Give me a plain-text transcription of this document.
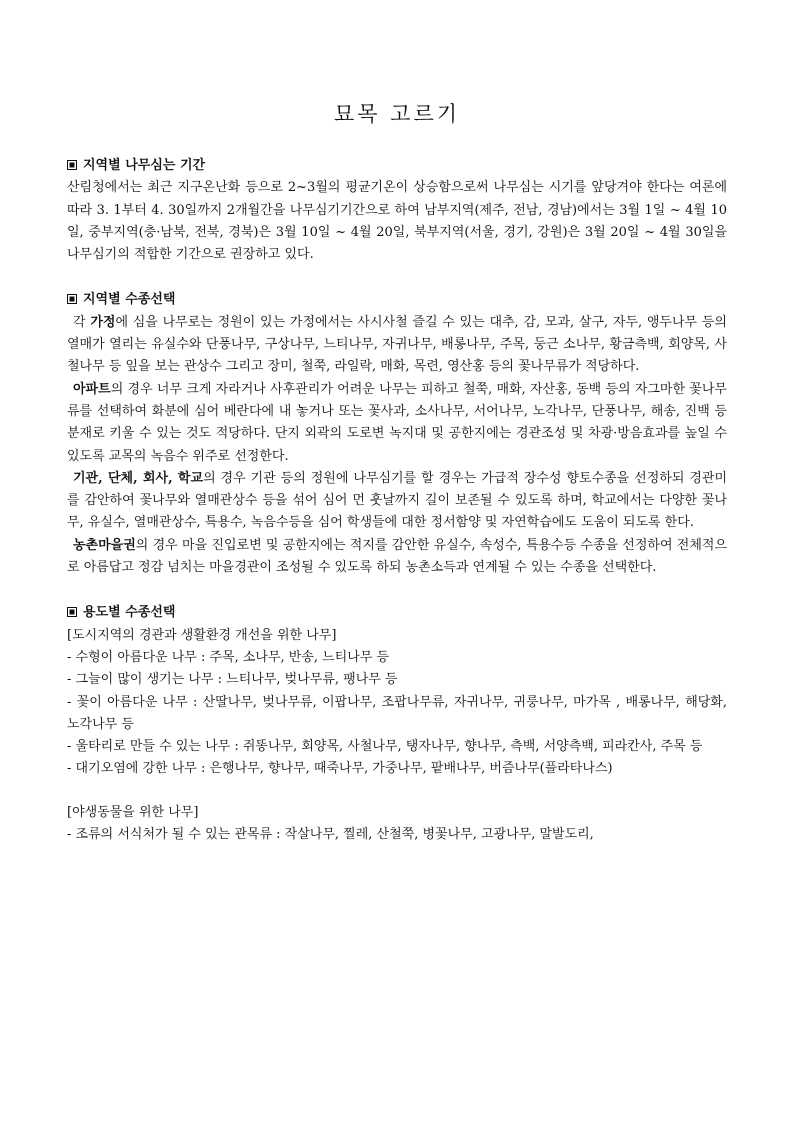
묘목 고르기
지역별 나무심는 기간

산림청에서는 최근 지구온난화 등으로 2~3월의 평균기온이 상승함으로써 나무심는 시기를 앞당겨야 한다는 여론에 따라 3. 1부터 4. 30일까지 2개월간을 나무심기기간으로 하여 남부지역(제주, 전남, 경남)에서는 3월 1일 ~ 4월 10일, 중부지역(충·남북, 전북, 경북)은 3월 10일 ~ 4월 20일, 북부지역(서울, 경기, 강원)은 3월 20일 ~ 4월 30일을 나무심기의 적합한 기간으로 권장하고 있다.

지역별 수종선택

각 가정에 심을 나무로는 정원이 있는 가정에서는 사시사철 즐길 수 있는 대추, 감, 모과, 살구, 자두, 앵두나무 등의 열매가 열리는 유실수와 단풍나무, 구상나무, 느티나무, 자귀나무, 배롱나무, 주목, 둥근 소나무, 황금측백, 회양목, 사철나무 등 잎을 보는 관상수 그리고 장미, 철쭉, 라일락, 매화, 목련, 영산홍 등의 꽃나무류가 적당하다.

아파트의 경우 너무 크게 자라거나 사후관리가 어려운 나무는 피하고 철쭉, 매화, 자산홍, 동백 등의 자그마한 꽃나무류를 선택하여 화분에 심어 베란다에 내 놓거나 또는 꽃사과, 소사나무, 서어나무, 노각나무, 단풍나무, 해송, 진백 등 분재로 키울 수 있는 것도 적당하다. 단지 외곽의 도로변 녹지대 및 공한지에는 경관조성 및 차광·방음효과를 높일 수 있도록 교목의 녹음수 위주로 선정한다.

기관, 단체, 회사, 학교의 경우 기관 등의 정원에 나무심기를 할 경우는 가급적 장수성 향토수종을 선정하되 경관미를 감안하여 꽃나무와 열매관상수 등을 섞어 심어 먼 훗날까지 길이 보존될 수 있도록 하며, 학교에서는 다양한 꽃나무, 유실수, 열매관상수, 특용수, 녹음수등을 심어 학생들에 대한 정서함양 및 자연학습에도 도움이 되도록 한다.

농촌마을권의 경우 마을 진입로변 및 공한지에는 적지를 감안한 유실수, 속성수, 특용수등 수종을 선정하여 전체적으로 아름답고 정감 넘치는 마을경관이 조성될 수 있도록 하되 농촌소득과 연계될 수 있는 수종을 선택한다.

용도별 수종선택

[도시지역의 경관과 생활환경 개선을 위한 나무]

- 수형이 아름다운 나무 : 주목, 소나무, 반송, 느티나무 등

- 그늘이 많이 생기는 나무 : 느티나무, 벚나무류, 팽나무 등

- 꽃이 아름다운 나무 : 산딸나무, 벚나무류, 이팝나무, 조팝나무류, 자귀나무, 귀룽나무, 마가목 , 배롱나무, 해당화, 노각나무 등

- 울타리로 만들 수 있는 나무 : 쥐똥나무, 회양목, 사철나무, 탱자나무, 향나무, 측백, 서양측백, 피라칸사, 주목 등

- 대기오염에 강한 나무 : 은행나무, 향나무, 때죽나무, 가중나무, 팥배나무, 버즘나무(플라타나스)

[야생동물을 위한 나무]

- 조류의 서식처가 될 수 있는 관목류 : 작살나무, 찔레, 산철쭉, 병꽃나무, 고광나무, 말발도리,
